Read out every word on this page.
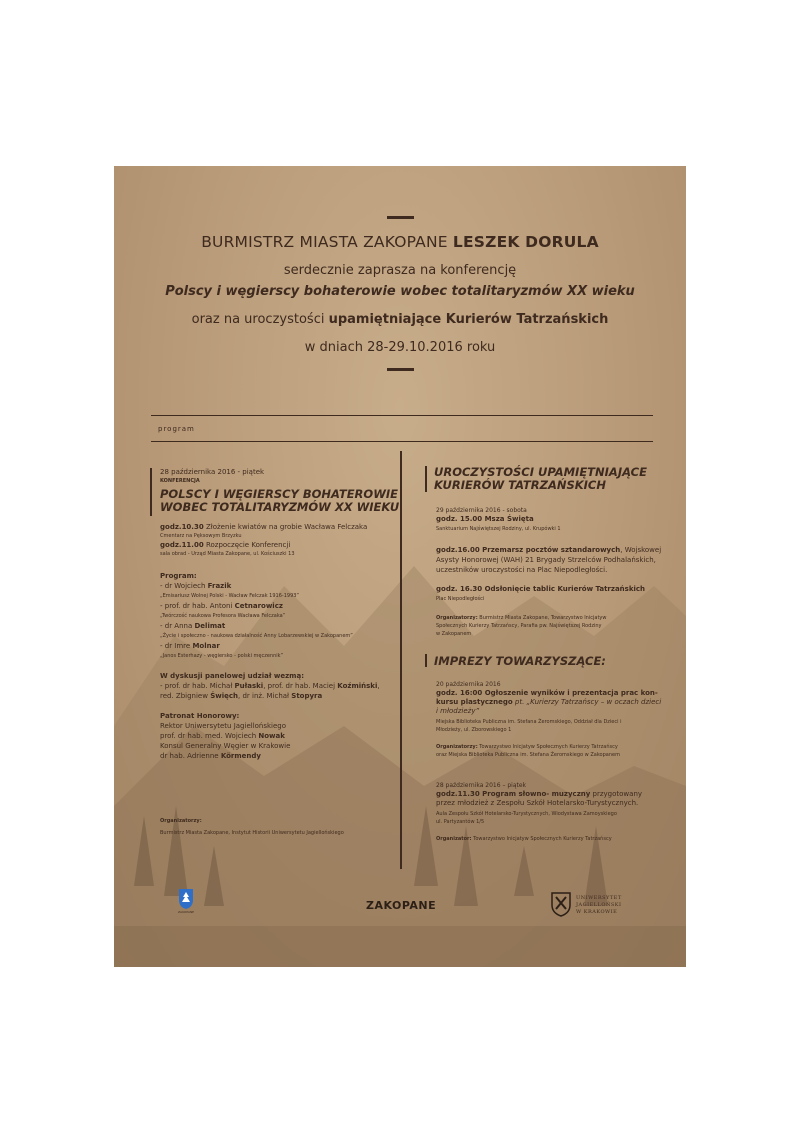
BURMISTRZ MIASTA ZAKOPANE LESZEK DORULA
serdecznie zaprasza na konferencję
Polscy i węgierscy bohaterowie wobec totalitaryzmów XX wieku
oraz na uroczystości upamiętniające Kurierów Tatrzańskich
w dniach 28-29.10.2016 roku
program
28 października 2016 - piątek
KONFERENCJA
POLSCY I WĘGIERSCY BOHATEROWIE
WOBEC TOTALITARYZMÓW XX WIEKU
godz.10.30 Złożenie kwiatów na grobie Wacława Felczaka
Cmentarz na Pęksowym Brzyzku
godz.11.00 Rozpoczęcie Konferencji
sala obrad - Urząd Miasta Zakopane, ul. Kościuszki 13
Program:
- dr Wojciech Frazik
„Emisariusz Wolnej Polski - Wacław Felczak 1916-1993”
- prof. dr hab. Antoni Cetnarowicz
„Twórczość naukowa Profesora Wacława Felczaka”
- dr Anna Delimat
„Życie i społeczno - naukowa działalność Anny Lobarzewskiej w Zakopanem”
- dr Imre Molnar
„Janos Esterhazy - węgiersko - polski męczennik”
W dyskusji panelowej udział wezmą:
- prof. dr hab. Michał Pułaski, prof. dr hab. Maciej Koźmiński,
red. Zbigniew Święch, dr inż. Michał Stopyra
Patronat Honorowy:
Rektor Uniwersytetu Jagiellońskiego
prof. dr hab. med. Wojciech Nowak
Konsul Generalny Węgier w Krakowie
dr hab. Adrienne Körmendy
Organizatorzy:
Burmistrz Miasta Zakopane, Instytut Historii Uniwersytetu Jagiellońskiego
UROCZYSTOŚCI UPAMIĘTNIAJĄCE
KURIERÓW TATRZAŃSKICH
29 października 2016 - sobota
godz. 15.00 Msza Święta
Sanktuarium Najświętszej Rodziny, ul. Krupówki 1
godz.16.00 Przemarsz pocztów sztandarowych, Wojskowej
Asysty Honorowej (WAH) 21 Brygady Strzelców Podhalańskich,
uczestników uroczystości na Plac Niepodległości.
godz. 16.30 Odsłonięcie tablic Kurierów Tatrzańskich
Plac Niepodległości
Organizatorzy: Burmistrz Miasta Zakopane, Towarzystwo Inicjatyw
Społecznych Kurierzy Tatrzańscy, Parafia pw. Najświętszej Rodziny
w Zakopanem
IMPREZY TOWARZYSZĄCE:
20 października 2016
godz. 16:00 Ogłoszenie wyników i prezentacja prac kon-
kursu plastycznego pt. „Kurierzy Tatrzańscy – w oczach dzieci
i młodzieży”
Miejska Biblioteka Publiczna im. Stefana Żeromskiego, Oddział dla Dzieci i
Młodzieży, ul. Zborowskiego 1
Organizatorzy: Towarzystwo Inicjatyw Społecznych Kurierzy Tatrzańscy
oraz Miejska Biblioteka Publiczna im. Stefana Żeromskiego w Zakopanem
28 października 2016 – piątek
godz.11.30 Program słowno- muzyczny przygotowany
przez młodzież z Zespołu Szkół Hotelarsko-Turystycznych.
Aula Zespołu Szkół Hotelarsko-Turystycznych, Wiodystawa Zamoyskiego
ul. Partyzantów 1/5
Organizator: Towarzystwo Inicjatyw Społecznych Kurierzy Tatrzańscy
ZAKOPANE	ZAKOPANE
UNIWERSYTET
JAGIELLOŃSKI
W KRAKOWIE
